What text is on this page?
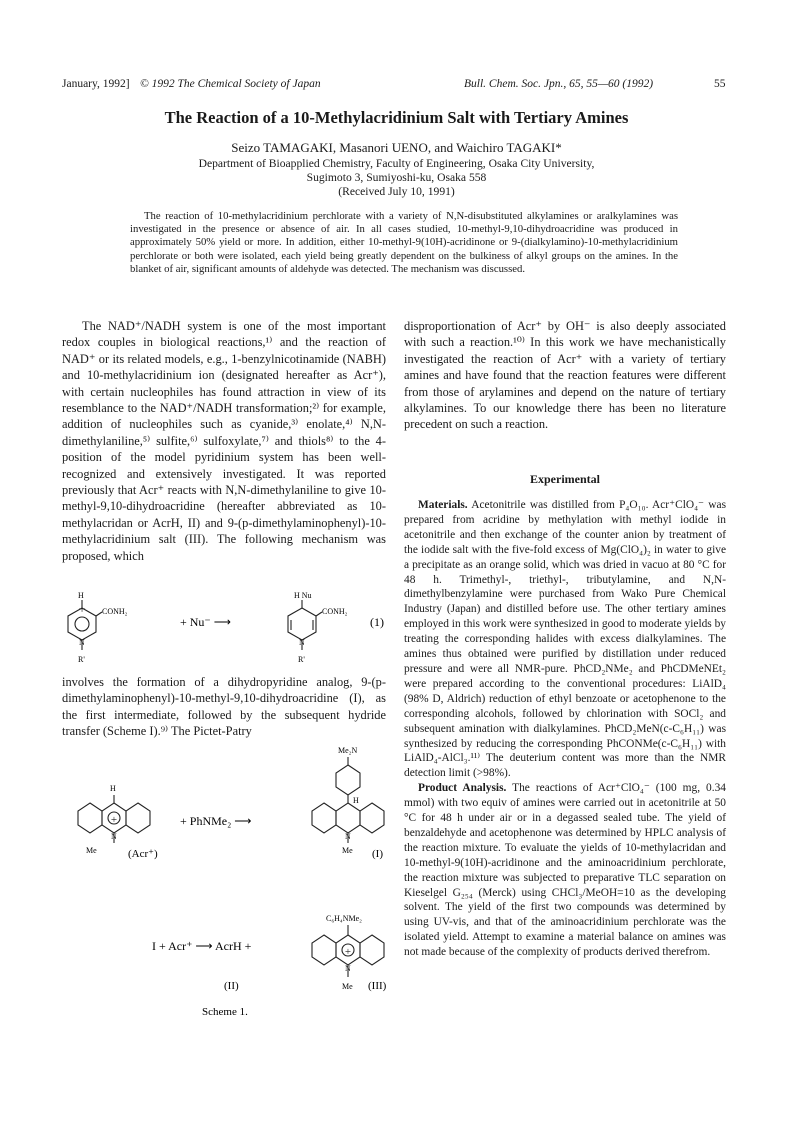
January, 1992] © 1992 The Chemical Society of Japan	Bull. Chem. Soc. Jpn., 65, 55—60 (1992)	55
The Reaction of a 10-Methylacridinium Salt with Tertiary Amines
Seizo TAMAGAKI, Masanori UENO, and Waichiro TAGAKI*
Department of Bioapplied Chemistry, Faculty of Engineering, Osaka City University,
Sugimoto 3, Sumiyoshi-ku, Osaka 558
(Received July 10, 1991)
The reaction of 10-methylacridinium perchlorate with a variety of N,N-disubstituted alkylamines or aralkylamines was investigated in the presence or absence of air. In all cases studied, 10-methyl-9,10-dihydroacridine was produced in approximately 50% yield or more. In addition, either 10-methyl-9(10H)-acridinone or 9-(dialkylamino)-10-methylacridinium perchlorate or both were isolated, each yield being greatly dependent on the bulkiness of alkyl groups on the amines. In the blanket of air, significant amounts of aldehyde was detected. The mechanism was discussed.
The NAD⁺/NADH system is one of the most important redox couples in biological reactions,¹⁾ and the reaction of NAD⁺ or its related models, e.g., 1-benzylnicotinamide (NABH) and 10-methylacridinium ion (designated hereafter as Acr⁺), with certain nucleophiles has found attraction in view of its resemblance to the NAD⁺/NADH transformation;²⁾ for example, addition of nucleophiles such as cyanide,³⁾ enolate,⁴⁾ N,N-dimethylaniline,⁵⁾ sulfite,⁶⁾ sulfoxylate,⁷⁾ and thiols⁸⁾ to the 4-position of the model pyridinium system has been well-recognized and extensively investigated. It was reported previously that Acr⁺ reacts with N,N-dimethylaniline to give 10-methyl-9,10-dihydroacridine (hereafter abbreviated as 10-methylacridan or AcrH, II) and 9-(p-dimethylaminophenyl)-10-methylacridinium salt (III). The following mechanism was proposed, which
+
H
CONH₂
N
R'
+ Nu⁻ ⟶
H Nu
CONH₂
N
R'
(1)
involves the formation of a dihydropyridine analog, 9-(p-dimethylaminophenyl)-10-methyl-9,10-dihydroacridine (I), as the first intermediate, followed by the subsequent hydride transfer (Scheme I).⁹⁾ The Pictet-Patry
+
+
H
N
Me	(Acr⁺)
+ PhNMe₂ ⟶
Me₂N
H
N
Me (I)
I + Acr⁺ ⟶ AcrH +
C₆H₄NMe₂
N
Me (III)
(II)
Scheme 1.
disproportionation of Acr⁺ by OH⁻ is also deeply associated with such a reaction.¹⁰⁾ In this work we have mechanistically investigated the reaction of Acr⁺ with a variety of tertiary amines and have found that the reaction features were different from those of arylamines and depend on the nature of tertiary alkylamines. To our knowledge there has been no literature precedent on such a reaction.
Experimental

Materials. Acetonitrile was distilled from P₄O₁₀. Acr⁺ClO₄⁻ was prepared from acridine by methylation with methyl iodide in acetonitrile and then exchange of the counter anion by treatment of the iodide salt with the five-fold excess of Mg(ClO₄)₂ in water to give a precipitate as an orange solid, which was dried in vacuo at 80 °C for 48 h. Trimethyl-, triethyl-, tributylamine, and N,N-dimethylbenzylamine were purchased from Wako Pure Chemical Industry (Japan) and distilled before use. The other tertiary amines employed in this work were synthesized in good to moderate yields by treating the corresponding halides with excess dialkylamines. The amines thus obtained were purified by distillation under reduced pressure and were all NMR-pure. PhCD₂NMe₂ and PhCDMeNEt₂ were prepared according to the conventional procedures: LiAlD₄ (98% D, Aldrich) reduction of ethyl benzoate or acetophenone to the corresponding alcohols, followed by chlorination with SOCl₂ and subsequent amination with dialkylamines. PhCD₂MeN(c-C₆H₁₁) was synthesized by reducing the corresponding PhCONMe(c-C₆H₁₁) with LiAlD₄-AlCl₃.¹¹⁾ The deuterium content was more than the NMR detection limit (>98%).

Product Analysis. The reactions of Acr⁺ClO₄⁻ (100 mg, 0.34 mmol) with two equiv of amines were carried out in acetonitrile at 50 °C for 48 h under air or in a degassed sealed tube. The yield of benzaldehyde and acetophenone was determined by HPLC analysis of the reaction mixture. To evaluate the yields of 10-methylacridan and 10-methyl-9(10H)-acridinone and the aminoacridinium perchlorate, the reaction mixture was subjected to preparative TLC separation on Kieselgel G₂₅₄ (Merck) using CHCl₃/MeOH=10 as the developing solvent. The yield of the first two compounds was determined by using UV-vis, and that of the aminoacridinium perchlorate was the isolated yield. Attempt to examine a material balance on amines was not made because of the complexity of products derived therefrom.
